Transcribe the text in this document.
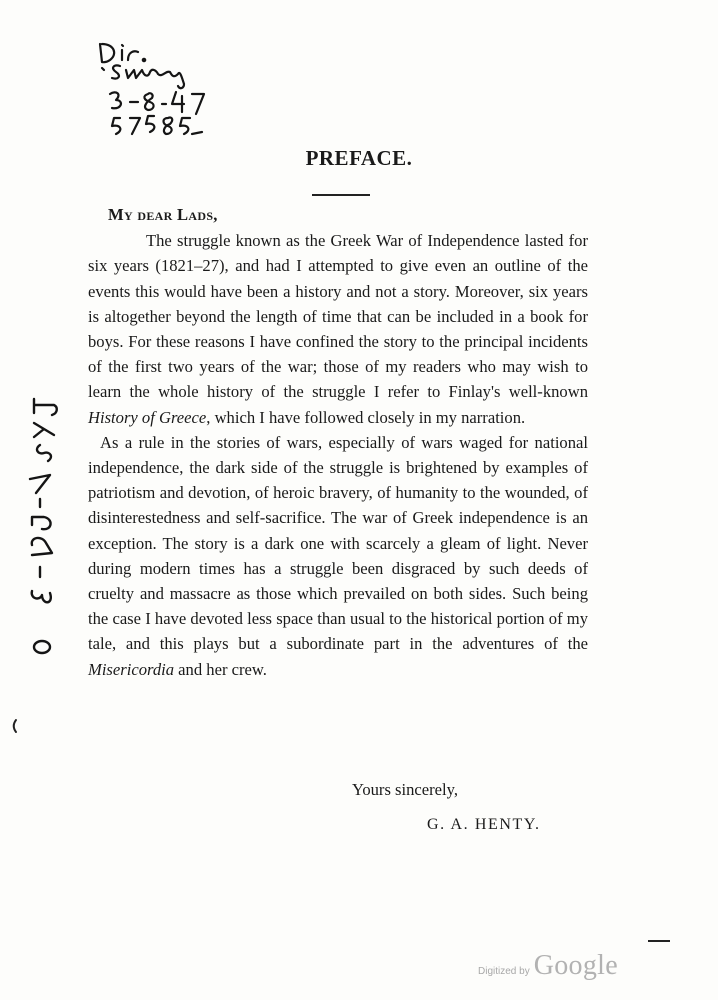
PREFACE.

My dear Lads,

The struggle known as the Greek War of Independence lasted for six years (1821–27), and had I attempted to give even an outline of the events this would have been a history and not a story. Moreover, six years is altogether beyond the length of time that can be included in a book for boys. For these reasons I have confined the story to the principal incidents of the first two years of the war; those of my readers who may wish to learn the whole history of the struggle I refer to Finlay's well-known History of Greece, which I have followed closely in my narration.

As a rule in the stories of wars, especially of wars waged for national independence, the dark side of the struggle is brightened by examples of patriotism and devotion, of heroic bravery, of humanity to the wounded, of disinterestedness and self-sacrifice. The war of Greek independence is an exception. The story is a dark one with scarcely a gleam of light. Never during modern times has a struggle been disgraced by such deeds of cruelty and massacre as those which prevailed on both sides. Such being the case I have devoted less space than usual to the historical portion of my tale, and this plays but a subordinate part in the adventures of the Misericordia and her crew.

Yours sincerely,
G. A. HENTY.
Digitized by Google
